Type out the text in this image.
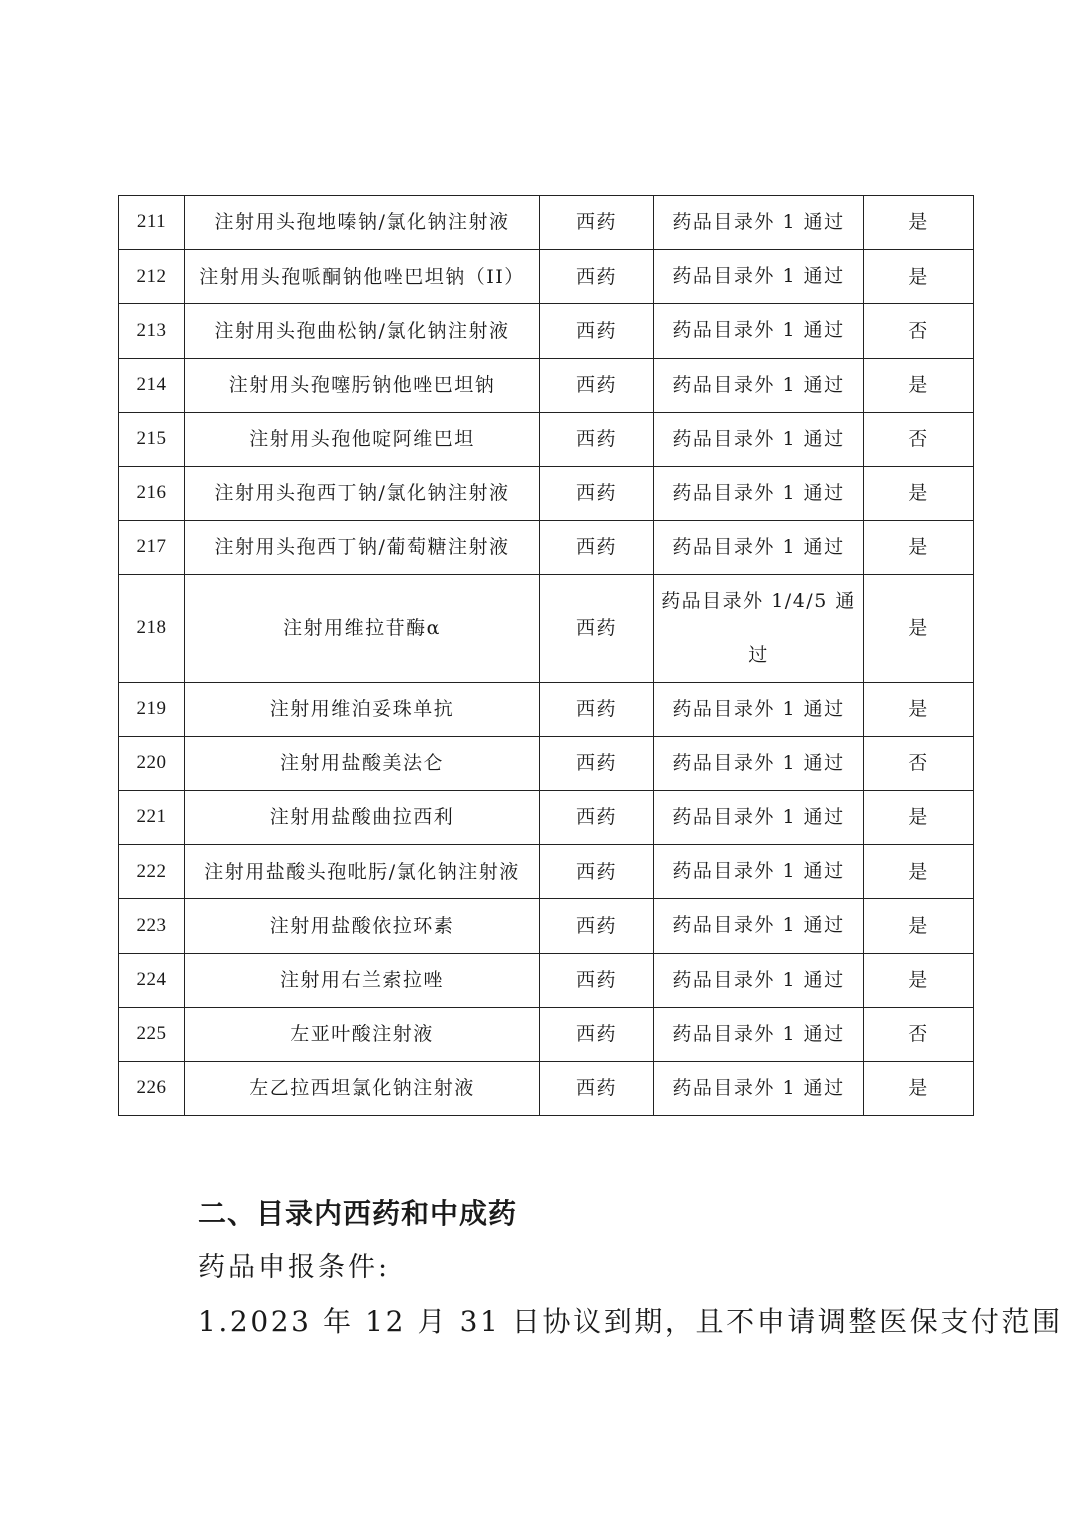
211	注射用头孢地嗪钠/氯化钠注射液	西药	药品目录外 1 通过	是
212	注射用头孢哌酮钠他唑巴坦钠（II）	西药	药品目录外 1 通过	是
213	注射用头孢曲松钠/氯化钠注射液	西药	药品目录外 1 通过	否
214	注射用头孢噻肟钠他唑巴坦钠	西药	药品目录外 1 通过	是
215	注射用头孢他啶阿维巴坦	西药	药品目录外 1 通过	否
216	注射用头孢西丁钠/氯化钠注射液	西药	药品目录外 1 通过	是
217	注射用头孢西丁钠/葡萄糖注射液	西药	药品目录外 1 通过	是
218	注射用维拉苷酶α	西药	药品目录外 1/4/5 通过	是
219	注射用维泊妥珠单抗	西药	药品目录外 1 通过	是
220	注射用盐酸美法仑	西药	药品目录外 1 通过	否
221	注射用盐酸曲拉西利	西药	药品目录外 1 通过	是
222	注射用盐酸头孢吡肟/氯化钠注射液	西药	药品目录外 1 通过	是
223	注射用盐酸依拉环素	西药	药品目录外 1 通过	是
224	注射用右兰索拉唑	西药	药品目录外 1 通过	是
225	左亚叶酸注射液	西药	药品目录外 1 通过	否
226	左乙拉西坦氯化钠注射液	西药	药品目录外 1 通过	是
二、目录内西药和中成药
药品申报条件:
1.2023 年 12 月 31 日协议到期，且不申请调整医保支付范围
